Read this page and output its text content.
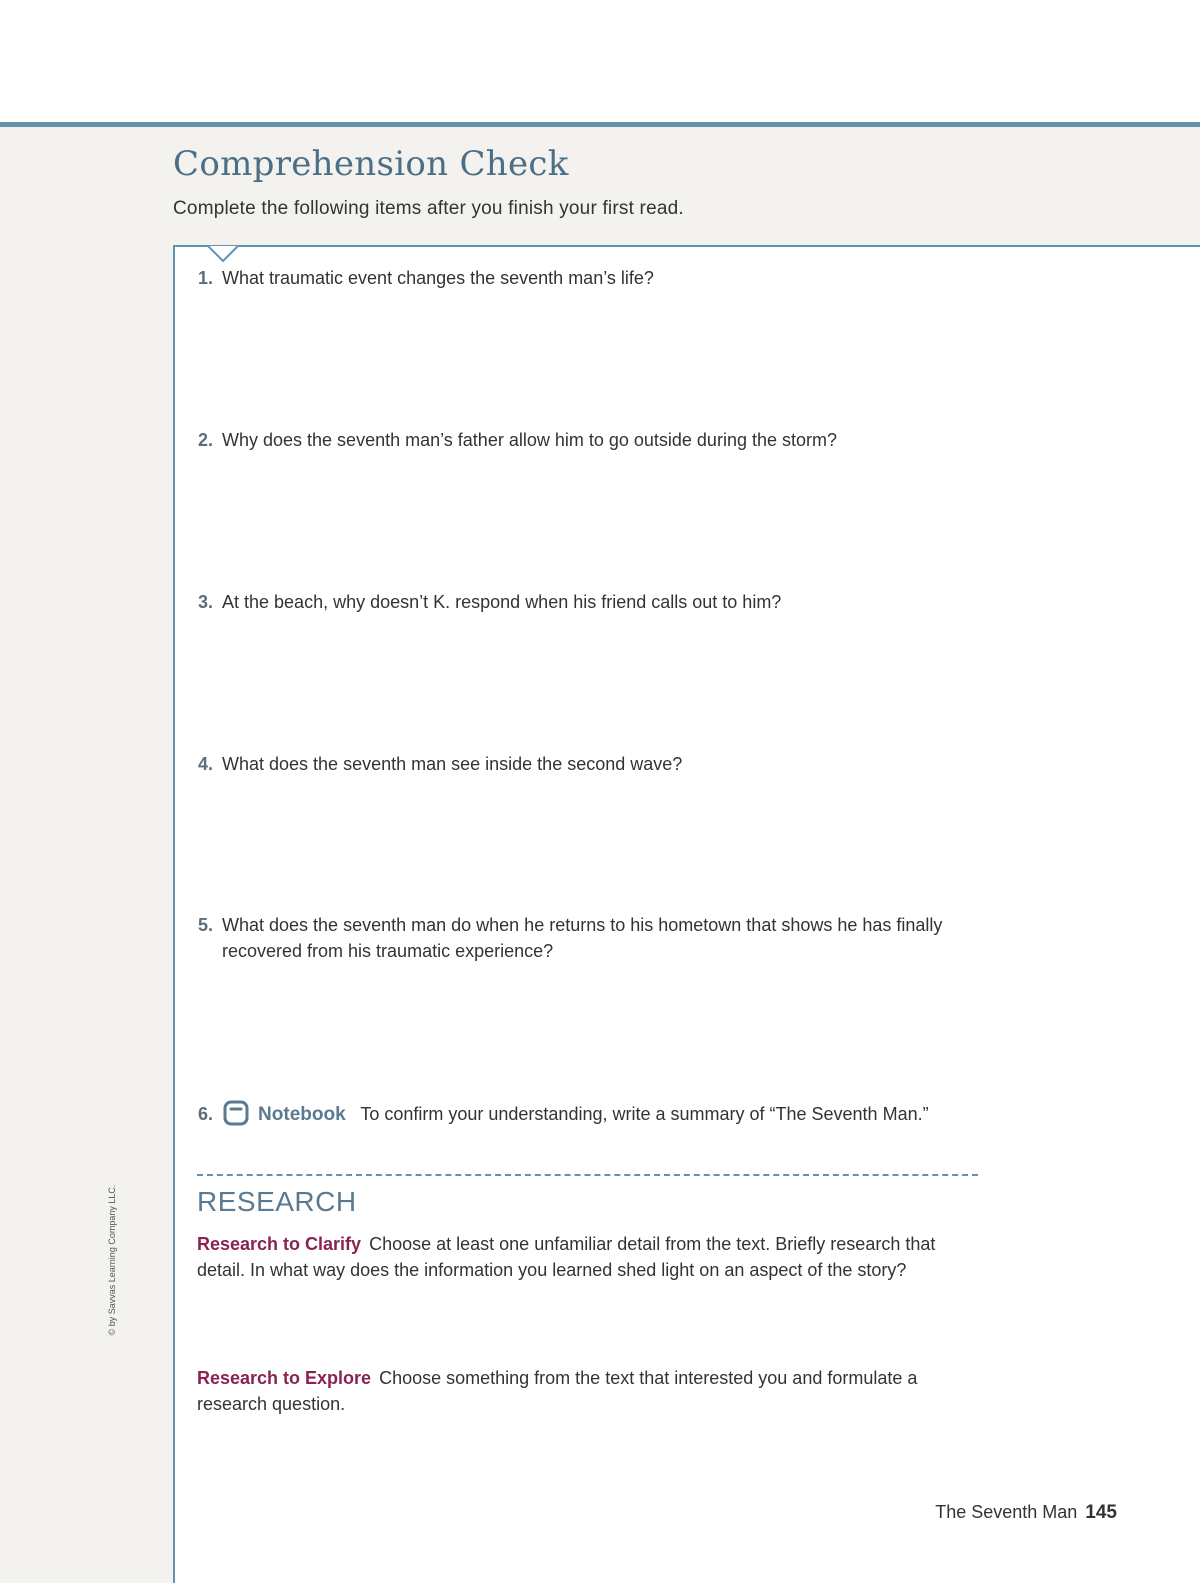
Comprehension Check
Complete the following items after you finish your first read.
1. What traumatic event changes the seventh man’s life?
2. Why does the seventh man’s father allow him to go outside during the storm?
3. At the beach, why doesn’t K. respond when his friend calls out to him?
4. What does the seventh man see inside the second wave?
5. What does the seventh man do when he returns to his hometown that shows he has finally recovered from his traumatic experience?
6. Notebook To confirm your understanding, write a summary of “The Seventh Man.”
RESEARCH
Research to Clarify Choose at least one unfamiliar detail from the text. Briefly research that detail. In what way does the information you learned shed light on an aspect of the story?
Research to Explore Choose something from the text that interested you and formulate a research question.
© by Savvas Learning Company LLC.
The Seventh Man 145
